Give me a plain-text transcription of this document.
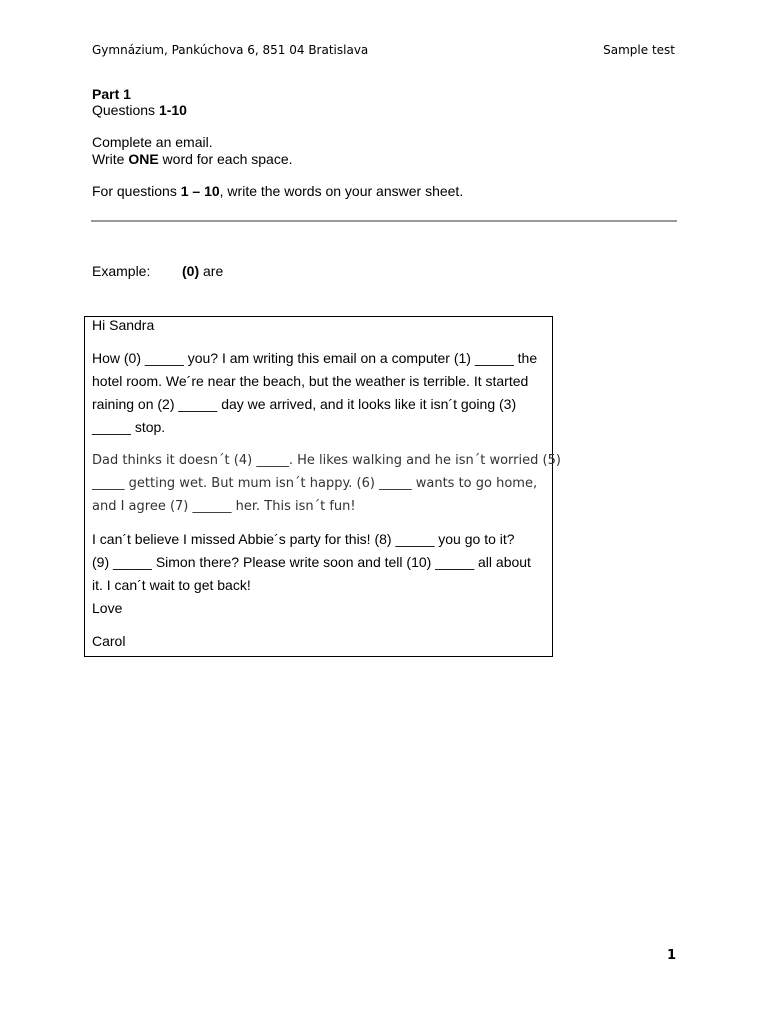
Gymnázium, Pankúchova 6, 851 04 Bratislava	Sample test
Part 1
Questions 1-10
Complete an email.
Write ONE word for each space.
For questions 1 – 10, write the words on your answer sheet.
Example: (0) are
Hi Sandra
How (0) _____ you? I am writing this email on a computer (1) _____ the
hotel room. We´re near the beach, but the weather is terrible. It started
raining on (2) _____ day we arrived, and it looks like it isn´t going (3)
_____ stop.
Dad thinks it doesn´t (4) _____. He likes walking and he isn´t worried (5)
_____ getting wet. But mum isn´t happy. (6) _____ wants to go home,
and I agree (7) ______ her. This isn´t fun!
I can´t believe I missed Abbie´s party for this! (8) _____ you go to it?
(9) _____ Simon there? Please write soon and tell (10) _____ all about
it. I can´t wait to get back!
Love
Carol
1
